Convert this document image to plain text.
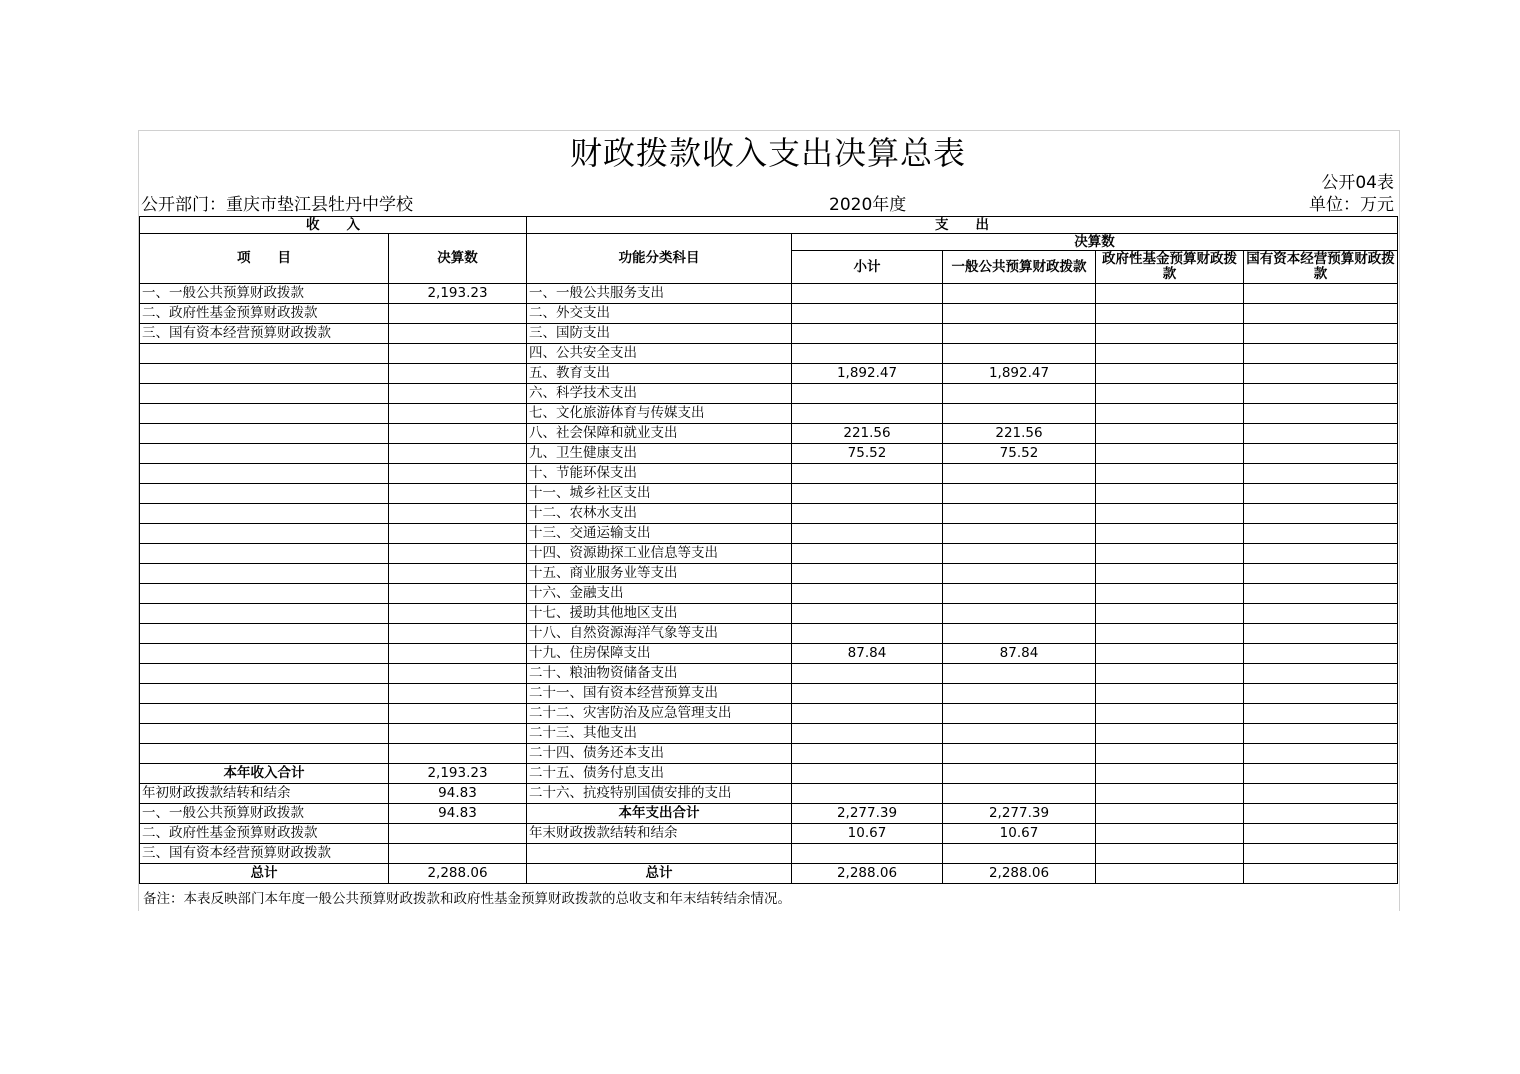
财政拨款收入支出决算总表
公开04表
公开部门：重庆市垫江县牡丹中学校	2020年度	单位：万元
收　　入		支　　出				
项　　目	决算数	功能分类科目	决算数			
			小计	一般公共预算财政拨款	政府性基金预算财政拨款	国有资本经营预算财政拨款
一、一般公共预算财政拨款	2,193.23	一、一般公共服务支出				
二、政府性基金预算财政拨款		二、外交支出				
三、国有资本经营预算财政拨款		三、国防支出				
		四、公共安全支出				
		五、教育支出	1,892.47	1,892.47		
		六、科学技术支出				
		七、文化旅游体育与传媒支出				
		八、社会保障和就业支出	221.56	221.56		
		九、卫生健康支出	75.52	75.52		
		十、节能环保支出				
		十一、城乡社区支出				
		十二、农林水支出				
		十三、交通运输支出				
		十四、资源勘探工业信息等支出				
		十五、商业服务业等支出				
		十六、金融支出				
		十七、援助其他地区支出				
		十八、自然资源海洋气象等支出				
		十九、住房保障支出	87.84	87.84		
		二十、粮油物资储备支出				
		二十一、国有资本经营预算支出				
		二十二、灾害防治及应急管理支出				
		二十三、其他支出				
		二十四、债务还本支出				
本年收入合计	2,193.23	二十五、债务付息支出				
年初财政拨款结转和结余	94.83	二十六、抗疫特别国债安排的支出				
一、一般公共预算财政拨款	94.83	本年支出合计	2,277.39	2,277.39		
二、政府性基金预算财政拨款		年末财政拨款结转和结余	10.67	10.67		
三、国有资本经营预算财政拨款						
总计	2,288.06	总计	2,288.06	2,288.06		
备注：本表反映部门本年度一般公共预算财政拨款和政府性基金预算财政拨款的总收支和年末结转结余情况。
